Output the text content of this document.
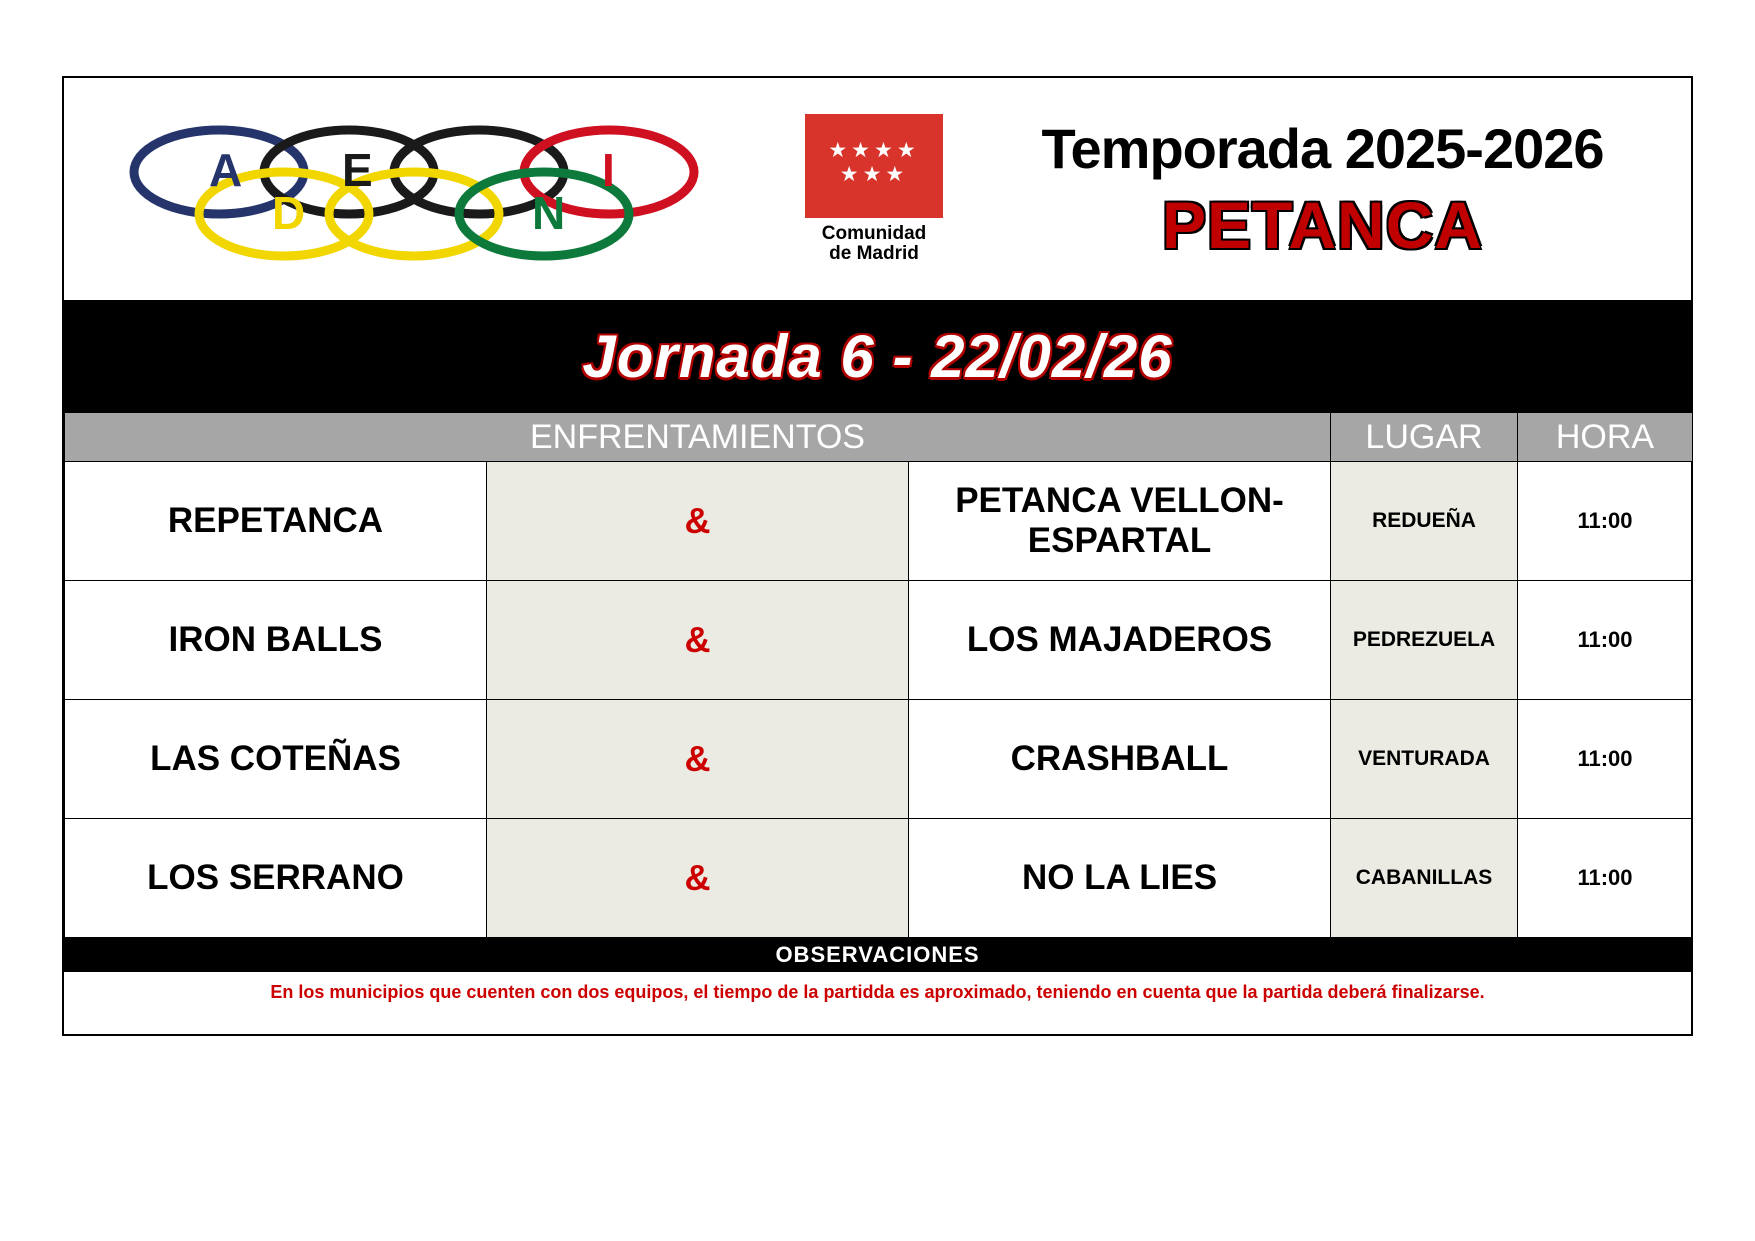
A
D
E
N
I	★★★★
★★★
Comunidad
de Madrid
Temporada 2025-2026
PETANCA
Jornada 6 - 22/02/26
ENFRENTAMIENTOS			LUGAR	HORA
REPETANCA	&	PETANCA VELLON-ESPARTAL	REDUEÑA	11:00
IRON BALLS	&	LOS MAJADEROS	PEDREZUELA	11:00
LAS COTEÑAS	&	CRASHBALL	VENTURADA	11:00
LOS SERRANO	&	NO LA LIES	CABANILLAS	11:00
OBSERVACIONES
En los municipios que cuenten con dos equipos, el tiempo de la partidda es aproximado, teniendo en cuenta que la partida deberá finalizarse.
